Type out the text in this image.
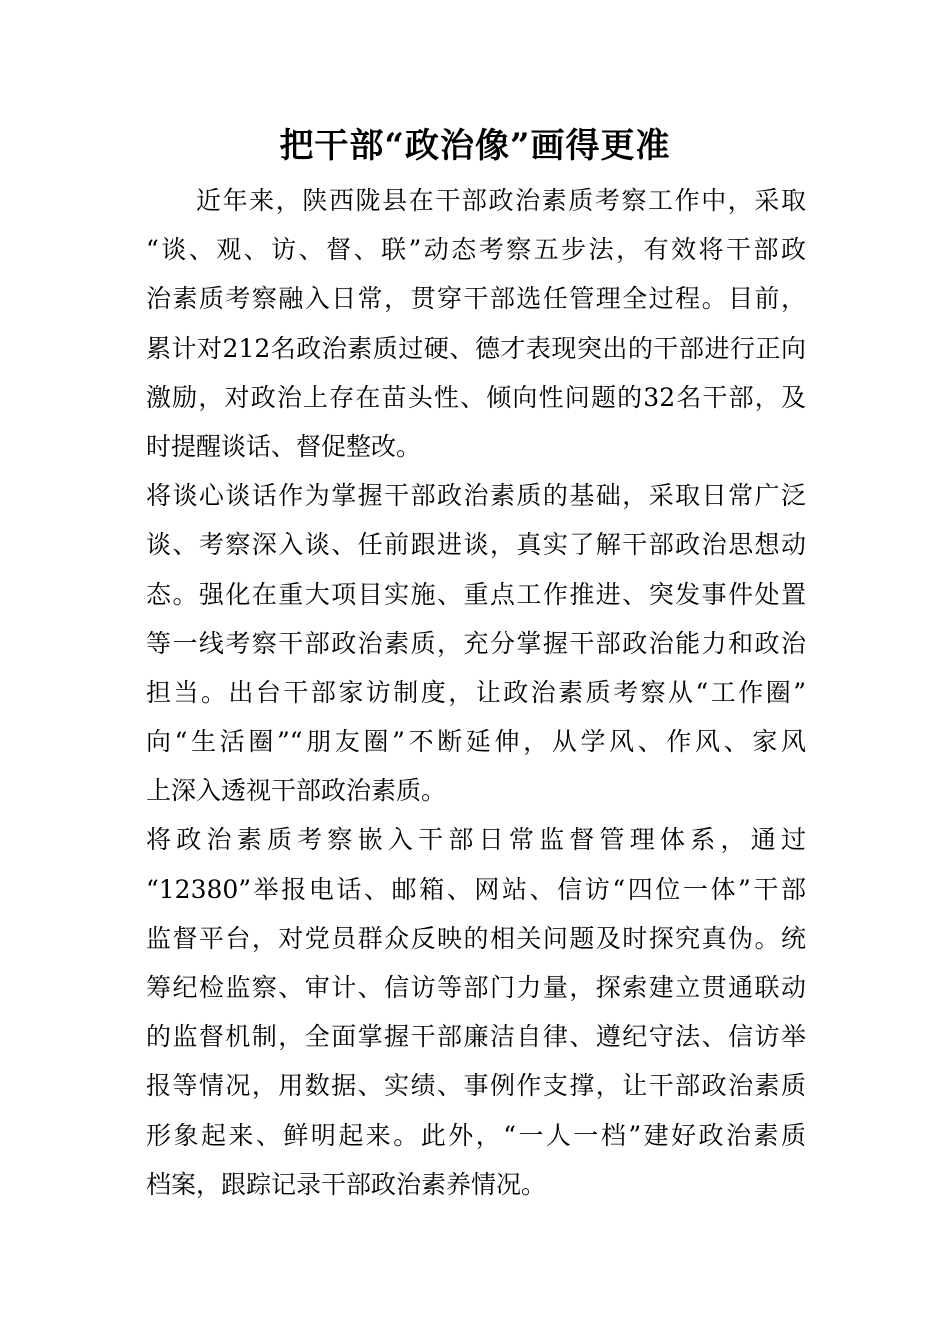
把干部“政治像”画得更准
近年来，陕西陇县在干部政治素质考察工作中，采取
“谈、观、访、督、联”动态考察五步法，有效将干部政
治素质考察融入日常，贯穿干部选任管理全过程。目前，
累计对212名政治素质过硬、德才表现突出的干部进行正向
激励，对政治上存在苗头性、倾向性问题的32名干部，及
时提醒谈话、督促整改。
将谈心谈话作为掌握干部政治素质的基础，采取日常广泛
谈、考察深入谈、任前跟进谈，真实了解干部政治思想动
态。强化在重大项目实施、重点工作推进、突发事件处置
等一线考察干部政治素质，充分掌握干部政治能力和政治
担当。出台干部家访制度，让政治素质考察从“工作圈”
向“生活圈”“朋友圈”不断延伸，从学风、作风、家风
上深入透视干部政治素质。
将政治素质考察嵌入干部日常监督管理体系，通过
“12380”举报电话、邮箱、网站、信访“四位一体”干部
监督平台，对党员群众反映的相关问题及时探究真伪。统
筹纪检监察、审计、信访等部门力量，探索建立贯通联动
的监督机制，全面掌握干部廉洁自律、遵纪守法、信访举
报等情况，用数据、实绩、事例作支撑，让干部政治素质
形象起来、鲜明起来。此外，“一人一档”建好政治素质
档案，跟踪记录干部政治素养情况。
